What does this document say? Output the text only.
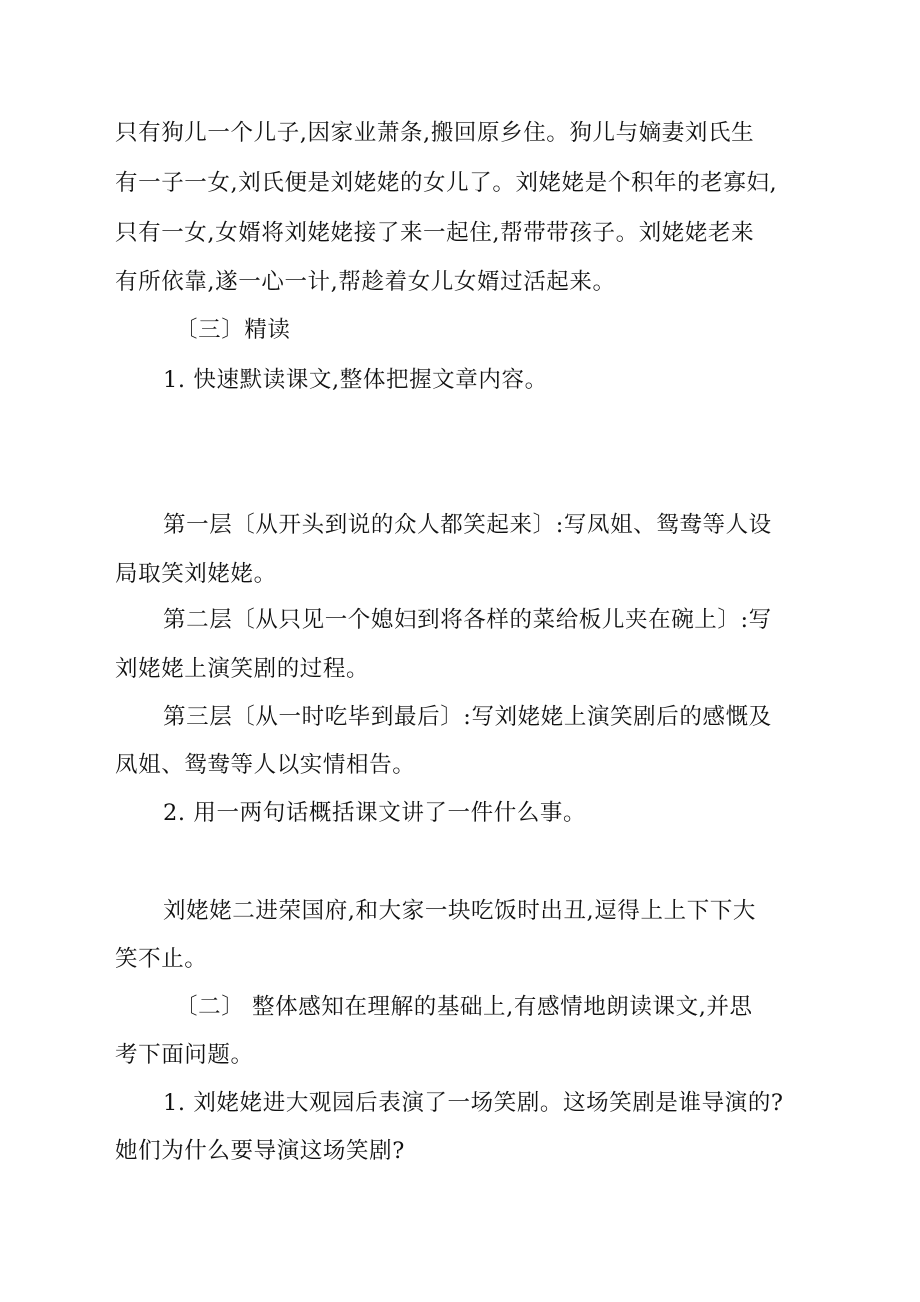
只有狗儿一个儿子,因家业萧条,搬回原乡住。狗儿与嫡妻刘氏生
有一子一女,刘氏便是刘姥姥的女儿了。刘姥姥是个积年的老寡妇,
只有一女,女婿将刘姥姥接了来一起住,帮带带孩子。刘姥姥老来
有所依靠,遂一心一计,帮趁着女儿女婿过活起来。
〔三〕精读
1. 快速默读课文,整体把握文章内容。
第一层〔从开头到说的众人都笑起来〕:写凤姐、鸳鸯等人设
局取笑刘姥姥。
第二层〔从只见一个媳妇到将各样的菜给板儿夹在碗上〕:写
刘姥姥上演笑剧的过程。
第三层〔从一时吃毕到最后〕:写刘姥姥上演笑剧后的感慨及
凤姐、鸳鸯等人以实情相告。
2. 用一两句话概括课文讲了一件什么事。
刘姥姥二进荣国府,和大家一块吃饭时出丑,逗得上上下下大
笑不止。
〔二〕 整体感知在理解的基础上,有感情地朗读课文,并思
考下面问题。
1. 刘姥姥进大观园后表演了一场笑剧。这场笑剧是谁导演的?
她们为什么要导演这场笑剧?
